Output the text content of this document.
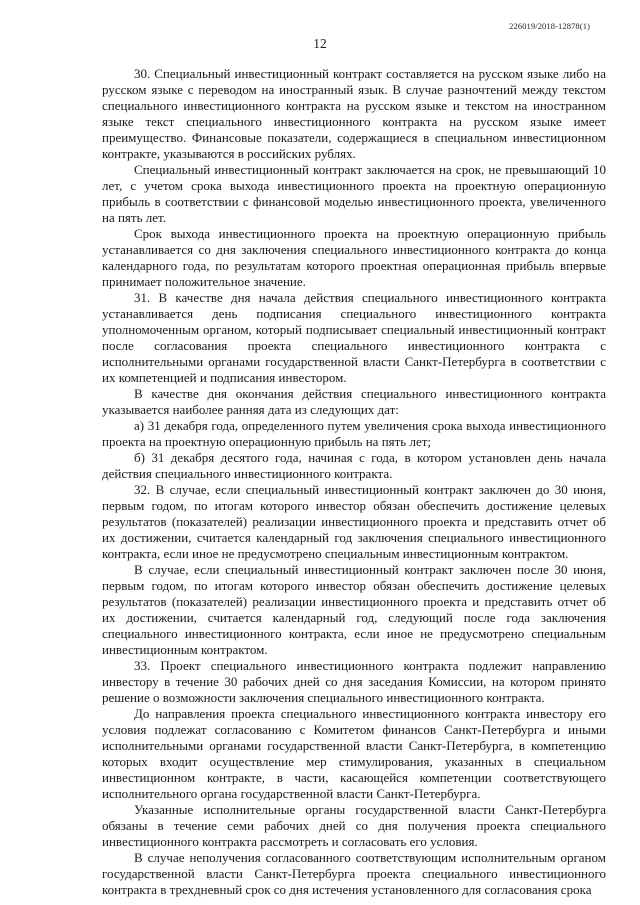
226019/2018-12878(1)
12

30. Специальный инвестиционный контракт составляется на русском языке либо на русском языке с переводом на иностранный язык. В случае разночтений между текстом специального инвестиционного контракта на русском языке и текстом на иностранном языке текст специального инвестиционного контракта на русском языке имеет преимущество. Финансовые показатели, содержащиеся в специальном инвестиционном контракте, указываются в российских рублях.

Специальный инвестиционный контракт заключается на срок, не превышающий 10 лет, с учетом срока выхода инвестиционного проекта на проектную операционную прибыль в соответствии с финансовой моделью инвестиционного проекта, увеличенного на пять лет.

Срок выхода инвестиционного проекта на проектную операционную прибыль устанавливается со дня заключения специального инвестиционного контракта до конца календарного года, по результатам которого проектная операционная прибыль впервые принимает положительное значение.

31. В качестве дня начала действия специального инвестиционного контракта устанавливается день подписания специального инвестиционного контракта уполномоченным органом, который подписывает специальный инвестиционный контракт после согласования проекта специального инвестиционного контракта с исполнительными органами государственной власти Санкт-Петербурга в соответствии с их компетенцией и подписания инвестором.

В качестве дня окончания действия специального инвестиционного контракта указывается наиболее ранняя дата из следующих дат:

а) 31 декабря года, определенного путем увеличения срока выхода инвестиционного проекта на проектную операционную прибыль на пять лет;

б) 31 декабря десятого года, начиная с года, в котором установлен день начала действия специального инвестиционного контракта.

32. В случае, если специальный инвестиционный контракт заключен до 30 июня, первым годом, по итогам которого инвестор обязан обеспечить достижение целевых результатов (показателей) реализации инвестиционного проекта и представить отчет об их достижении, считается календарный год заключения специального инвестиционного контракта, если иное не предусмотрено специальным инвестиционным контрактом.

В случае, если специальный инвестиционный контракт заключен после 30 июня, первым годом, по итогам которого инвестор обязан обеспечить достижение целевых результатов (показателей) реализации инвестиционного проекта и представить отчет об их достижении, считается календарный год, следующий после года заключения специального инвестиционного контракта, если иное не предусмотрено специальным инвестиционным контрактом.

33. Проект специального инвестиционного контракта подлежит направлению инвестору в течение 30 рабочих дней со дня заседания Комиссии, на котором принято решение о возможности заключения специального инвестиционного контракта.

До направления проекта специального инвестиционного контракта инвестору его условия подлежат согласованию с Комитетом финансов Санкт-Петербурга и иными исполнительными органами государственной власти Санкт-Петербурга, в компетенцию которых входит осуществление мер стимулирования, указанных в специальном инвестиционном контракте, в части, касающейся компетенции соответствующего исполнительного органа государственной власти Санкт-Петербурга.

Указанные исполнительные органы государственной власти Санкт-Петербурга обязаны в течение семи рабочих дней со дня получения проекта специального инвестиционного контракта рассмотреть и согласовать его условия.

В случае неполучения согласованного соответствующим исполнительным органом государственной власти Санкт-Петербурга проекта специального инвестиционного контракта в трехдневный срок со дня истечения установленного для согласования срока
